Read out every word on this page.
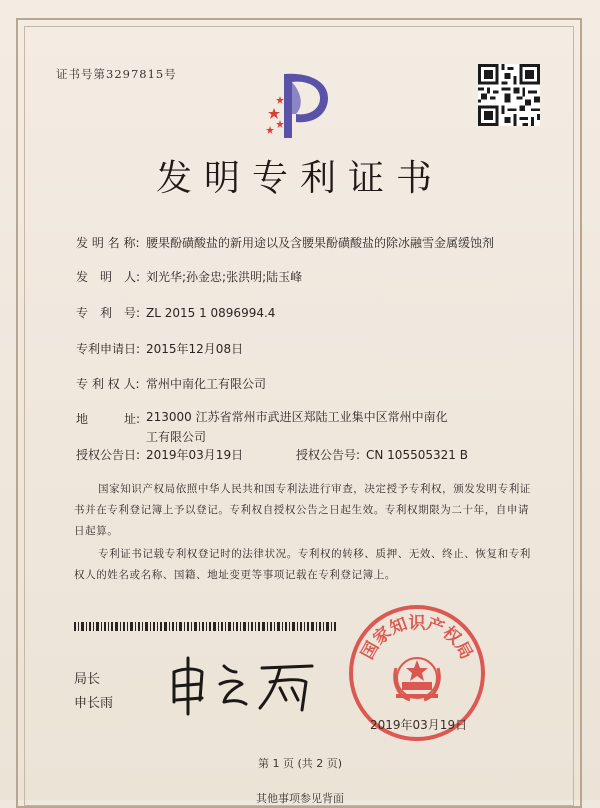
证书号第3297815号
发明专利证书
发 明 名 称: 腰果酚磺酸盐的新用途以及含腰果酚磺酸盐的除冰融雪金属缓蚀剂
发　明　人: 刘光华;孙金忠;张洪明;陆玉峰
专　利　号: ZL 2015 1 0896994.4
专利申请日: 2015年12月08日
专 利 权 人: 常州中南化工有限公司
地　　　址: 213000 江苏省常州市武进区郑陆工业集中区常州中南化
工有限公司
授权公告日: 2019年03月19日	授权公告号: CN 105505321 B
国家知识产权局依照中华人民共和国专利法进行审查，决定授予专利权，颁发发明专利证书并在专利登记簿上予以登记。专利权自授权公告之日起生效。专利权期限为二十年，自申请日起算。
专利证书记载专利权登记时的法律状况。专利权的转移、质押、无效、终止、恢复和专利权人的姓名或名称、国籍、地址变更等事项记载在专利登记簿上。
局长
申长雨
国家知识产权局
2019年03月19日
第 1 页 (共 2 页)
其他事项参见背面
